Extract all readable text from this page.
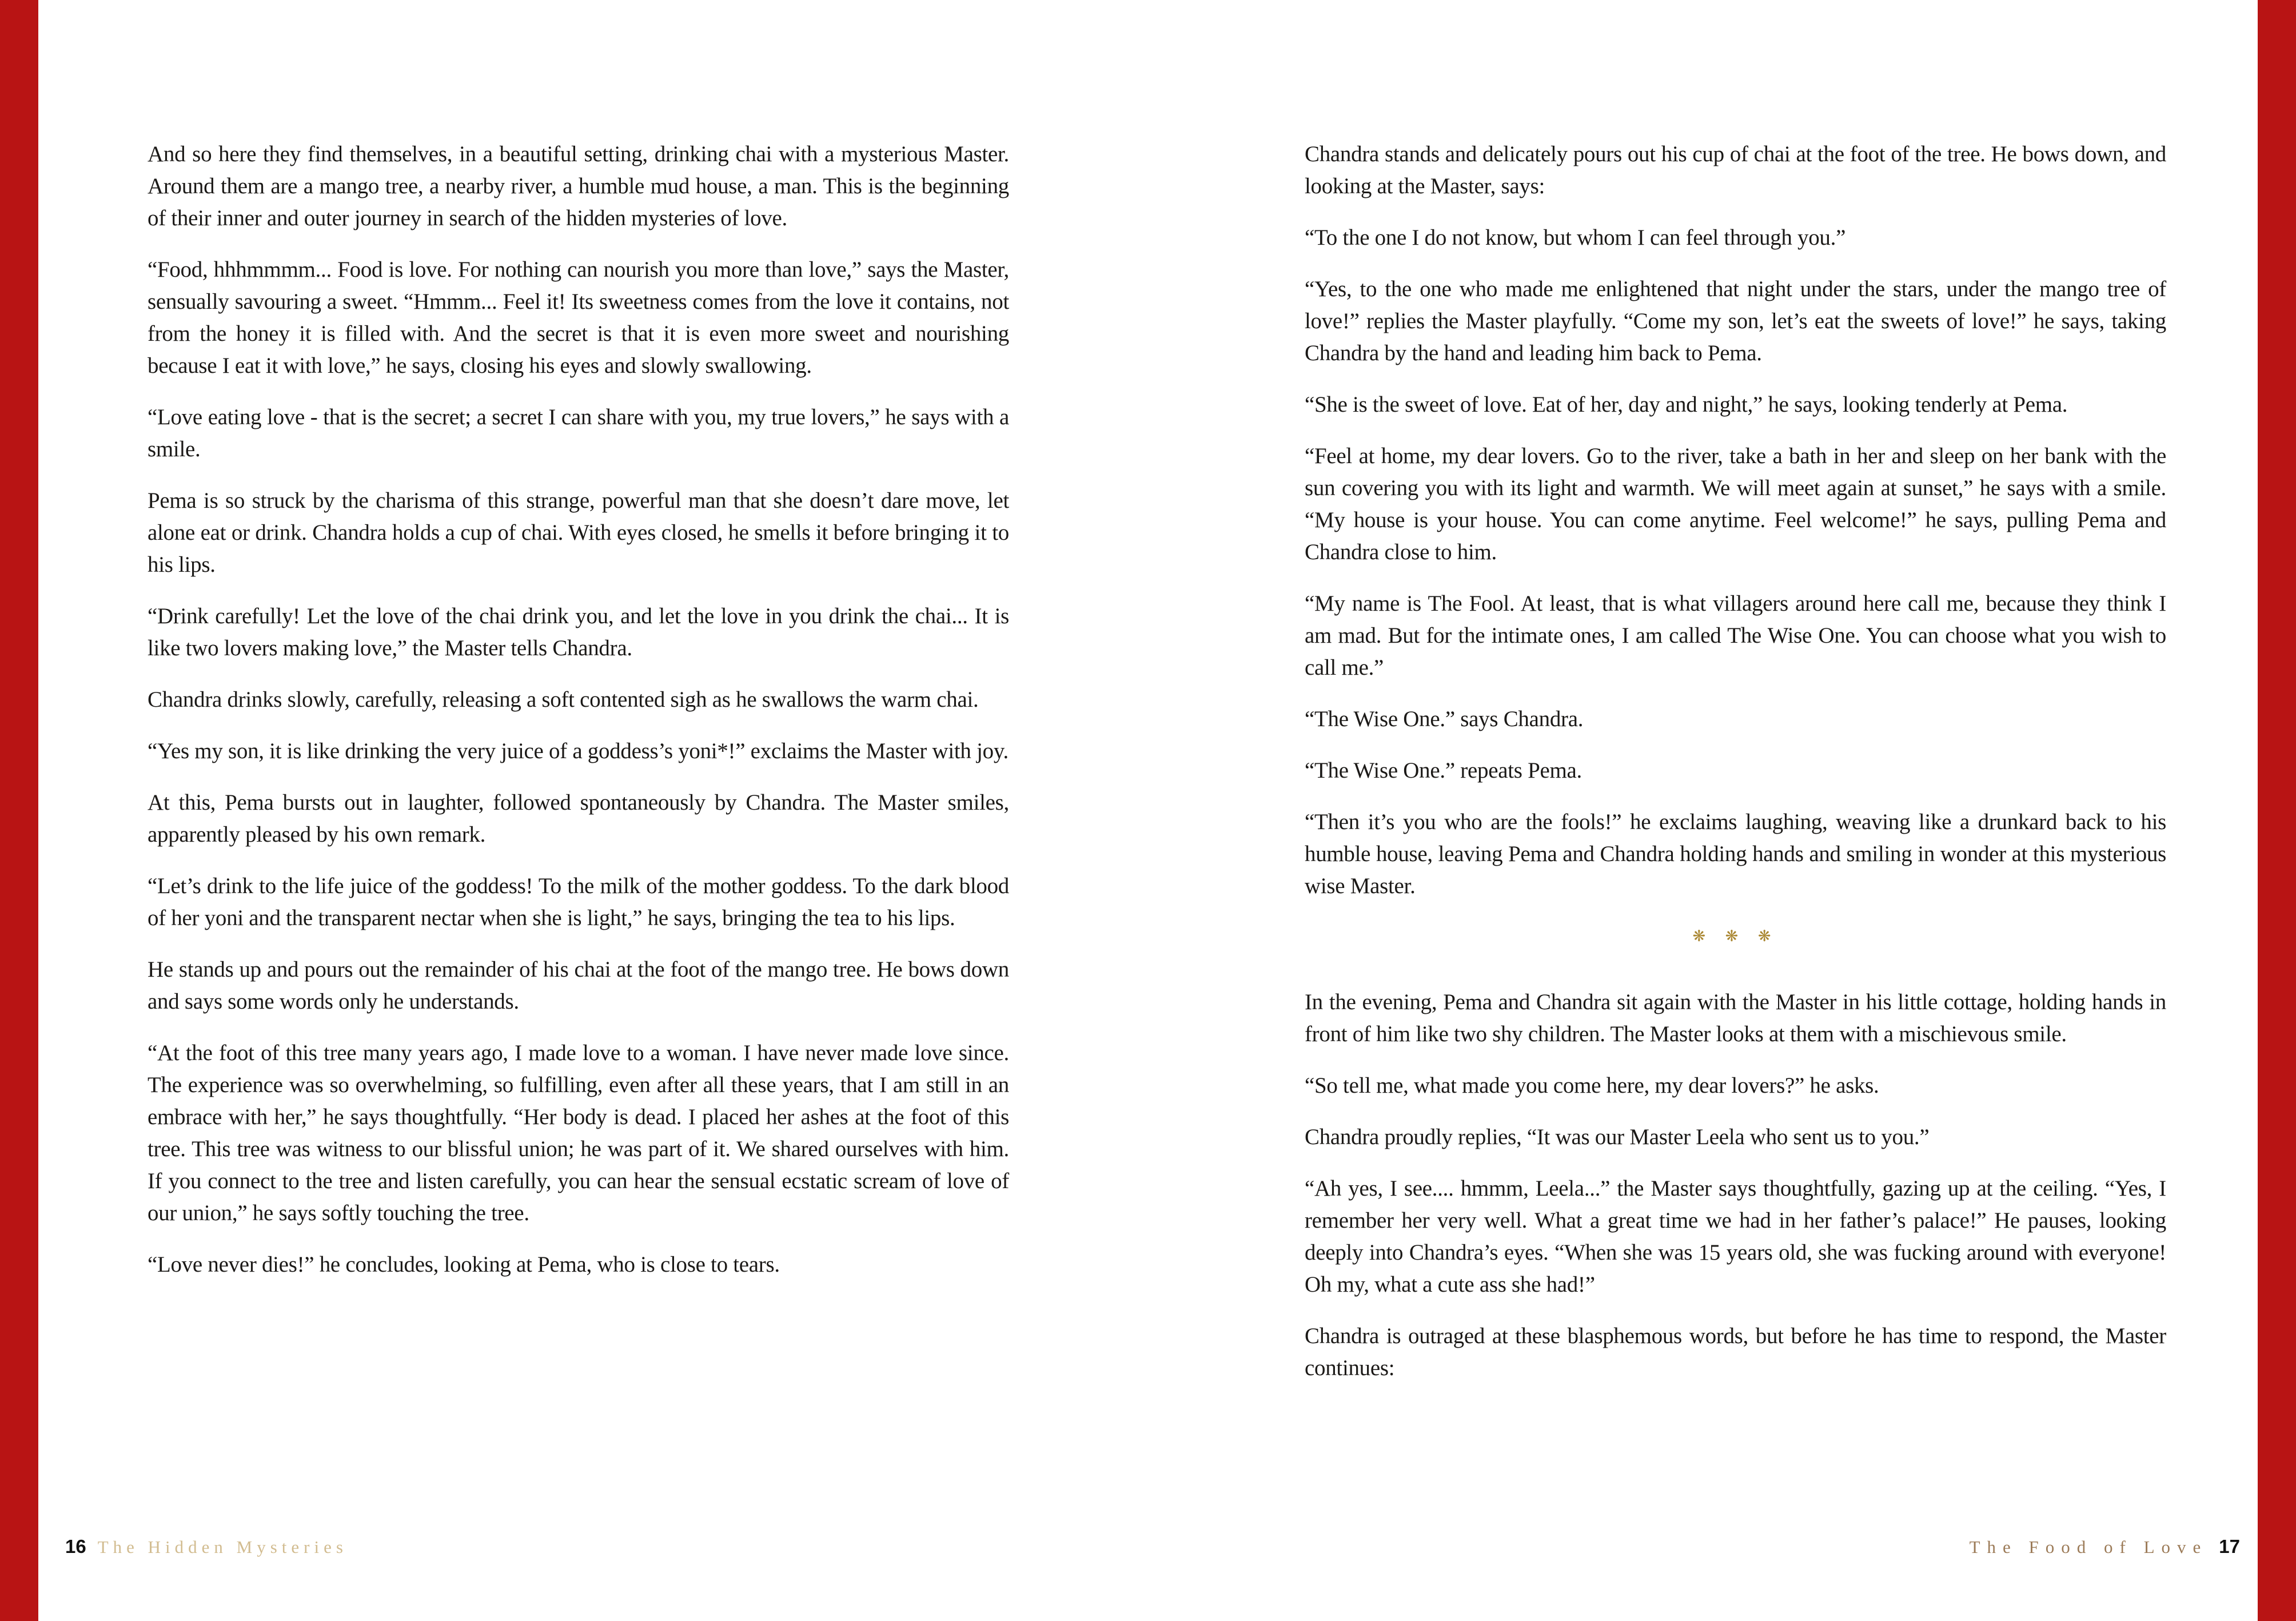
And so here they find themselves, in a beautiful setting, drinking chai with a mysterious Master. Around them are a mango tree, a nearby river, a humble mud house, a man. This is the beginning of their inner and outer journey in search of the hidden mysteries of love.

“Food, hhhmmmm... Food is love. For nothing can nourish you more than love,” says the Master, sensually savouring a sweet. “Hmmm... Feel it! Its sweetness comes from the love it contains, not from the honey it is filled with. And the secret is that it is even more sweet and nourishing because I eat it with love,” he says, closing his eyes and slowly swallowing.

“Love eating love - that is the secret; a secret I can share with you, my true lovers,” he says with a smile.

Pema is so struck by the charisma of this strange, powerful man that she doesn’t dare move, let alone eat or drink. Chandra holds a cup of chai. With eyes closed, he smells it before bringing it to his lips.

“Drink carefully! Let the love of the chai drink you, and let the love in you drink the chai... It is like two lovers making love,” the Master tells Chandra.

Chandra drinks slowly, carefully, releasing a soft contented sigh as he swallows the warm chai.

“Yes my son, it is like drinking the very juice of a goddess’s yoni*!” exclaims the Master with joy.

At this, Pema bursts out in laughter, followed spontaneously by Chandra. The Master smiles, apparently pleased by his own remark.

“Let’s drink to the life juice of the goddess! To the milk of the mother goddess. To the dark blood of her yoni and the transparent nectar when she is light,” he says, bringing the tea to his lips.

He stands up and pours out the remainder of his chai at the foot of the mango tree. He bows down and says some words only he understands.

“At the foot of this tree many years ago, I made love to a woman. I have never made love since. The experience was so overwhelming, so fulfilling, even after all these years, that I am still in an embrace with her,” he says thoughtfully. “Her body is dead. I placed her ashes at the foot of this tree. This tree was witness to our blissful union; he was part of it. We shared ourselves with him. If you connect to the tree and listen carefully, you can hear the sensual ecstatic scream of love of our union,” he says softly touching the tree.

“Love never dies!” he concludes, looking at Pema, who is close to tears.

16 The Hidden Mysteries

Chandra stands and delicately pours out his cup of chai at the foot of the tree. He bows down, and looking at the Master, says:

“To the one I do not know, but whom I can feel through you.”

“Yes, to the one who made me enlightened that night under the stars, under the mango tree of love!” replies the Master playfully. “Come my son, let’s eat the sweets of love!” he says, taking Chandra by the hand and leading him back to Pema.

“She is the sweet of love. Eat of her, day and night,” he says, looking tenderly at Pema.

“Feel at home, my dear lovers. Go to the river, take a bath in her and sleep on her bank with the sun covering you with its light and warmth. We will meet again at sunset,” he says with a smile. “My house is your house. You can come anytime. Feel welcome!” he says, pulling Pema and Chandra close to him.

“My name is The Fool. At least, that is what villagers around here call me, because they think I am mad. But for the intimate ones, I am called The Wise One. You can choose what you wish to call me.”

“The Wise One.” says Chandra.

“The Wise One.” repeats Pema.

“Then it’s you who are the fools!” he exclaims laughing, weaving like a drunkard back to his humble house, leaving Pema and Chandra holding hands and smiling in wonder at this mysterious wise Master.

❋ ❋ ❋

In the evening, Pema and Chandra sit again with the Master in his little cottage, holding hands in front of him like two shy children. The Master looks at them with a mischievous smile.

“So tell me, what made you come here, my dear lovers?” he asks.

Chandra proudly replies, “It was our Master Leela who sent us to you.”

“Ah yes, I see.... hmmm, Leela...” the Master says thoughtfully, gazing up at the ceiling. “Yes, I remember her very well. What a great time we had in her father’s palace!” He pauses, looking deeply into Chandra’s eyes. “When she was 15 years old, she was fucking around with everyone! Oh my, what a cute ass she had!”

Chandra is outraged at these blasphemous words, but before he has time to respond, the Master continues:

The Food of Love 17
